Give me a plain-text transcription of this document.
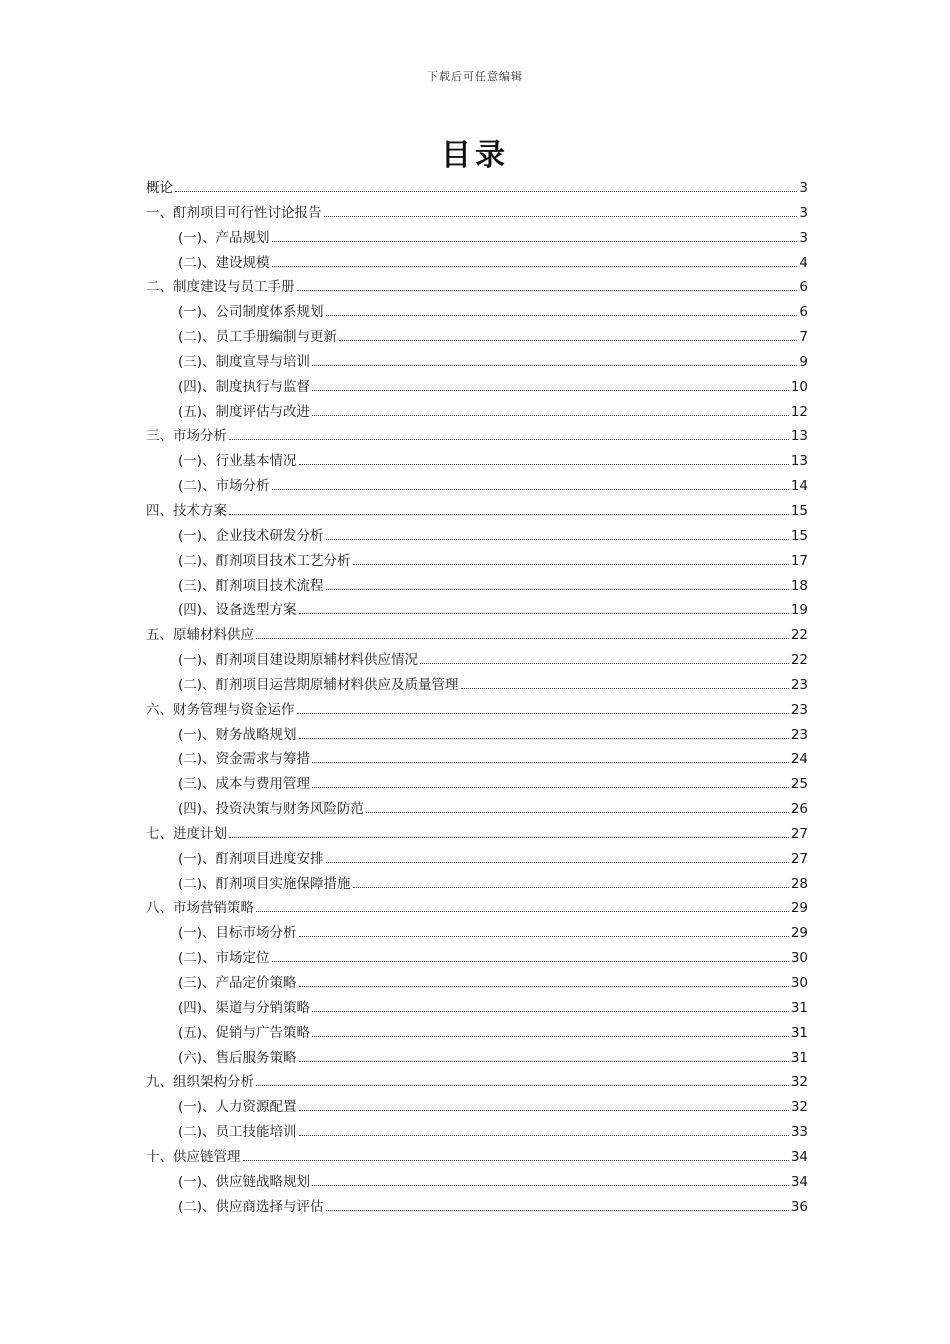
下载后可任意编辑
目录
概论	3
一、酊剂项目可行性讨论报告	3
(一)、产品规划	3
(二)、建设规模	4
二、制度建设与员工手册	6
(一)、公司制度体系规划	6
(二)、员工手册编制与更新	7
(三)、制度宣导与培训	9
(四)、制度执行与监督	10
(五)、制度评估与改进	12
三、市场分析	13
(一)、行业基本情况	13
(二)、市场分析	14
四、技术方案	15
(一)、企业技术研发分析	15
(二)、酊剂项目技术工艺分析	17
(三)、酊剂项目技术流程	18
(四)、设备选型方案	19
五、原辅材料供应	22
(一)、酊剂项目建设期原辅材料供应情况	22
(二)、酊剂项目运营期原辅材料供应及质量管理	23
六、财务管理与资金运作	23
(一)、财务战略规划	23
(二)、资金需求与筹措	24
(三)、成本与费用管理	25
(四)、投资决策与财务风险防范	26
七、进度计划	27
(一)、酊剂项目进度安排	27
(二)、酊剂项目实施保障措施	28
八、市场营销策略	29
(一)、目标市场分析	29
(二)、市场定位	30
(三)、产品定价策略	30
(四)、渠道与分销策略	31
(五)、促销与广告策略	31
(六)、售后服务策略	31
九、组织架构分析	32
(一)、人力资源配置	32
(二)、员工技能培训	33
十、供应链管理	34
(一)、供应链战略规划	34
(二)、供应商选择与评估	36
